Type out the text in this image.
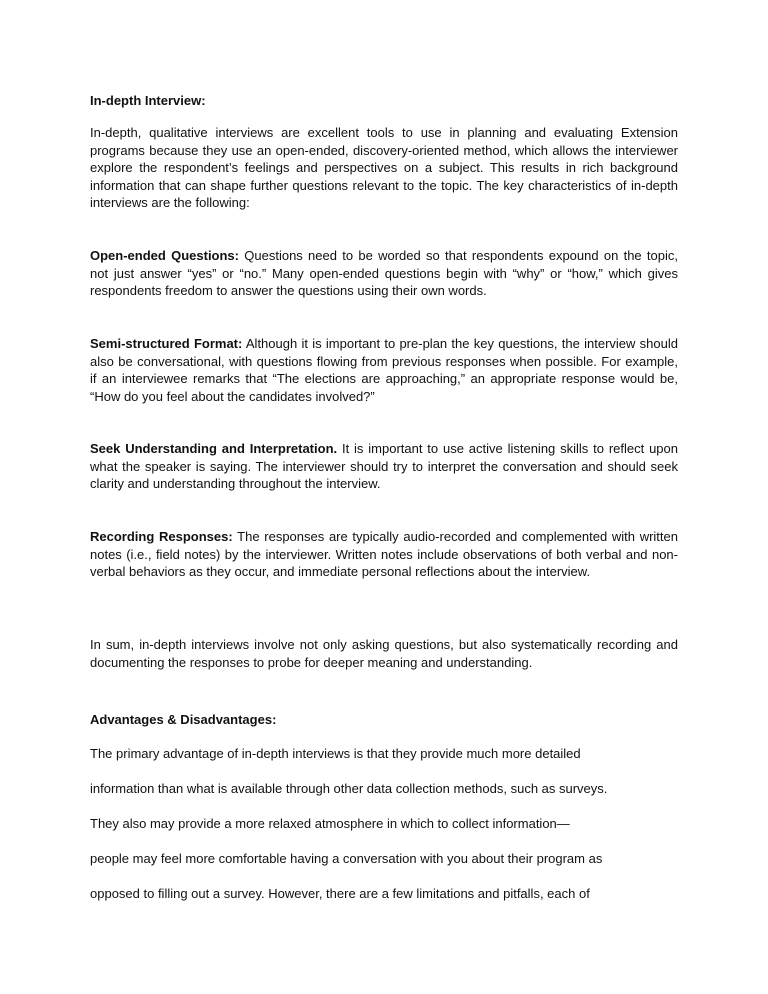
In-depth Interview:

In-depth, qualitative interviews are excellent tools to use in planning and evaluating Extension programs because they use an open-ended, discovery-oriented method, which allows the interviewer explore the respondent’s feelings and perspectives on a subject. This results in rich background information that can shape further questions relevant to the topic. The key characteristics of in-depth interviews are the following:

Open-ended Questions: Questions need to be worded so that respondents expound on the topic, not just answer “yes” or “no.” Many open-ended questions begin with “why” or “how,” which gives respondents freedom to answer the questions using their own words.

Semi-structured Format: Although it is important to pre-plan the key questions, the interview should also be conversational, with questions flowing from previous responses when possible. For example, if an interviewee remarks that “The elections are approaching,” an appropriate response would be, “How do you feel about the candidates involved?”

Seek Understanding and Interpretation. It is important to use active listening skills to reflect upon what the speaker is saying. The interviewer should try to interpret the conversation and should seek clarity and understanding throughout the interview.

Recording Responses: The responses are typically audio-recorded and complemented with written notes (i.e., field notes) by the interviewer. Written notes include observations of both verbal and non-verbal behaviors as they occur, and immediate personal reflections about the interview.

In sum, in-depth interviews involve not only asking questions, but also systematically recording and documenting the responses to probe for deeper meaning and understanding.

Advantages & Disadvantages:
The primary advantage of in-depth interviews is that they provide much more detailed
information than what is available through other data collection methods, such as surveys.
They also may provide a more relaxed atmosphere in which to collect information—
people may feel more comfortable having a conversation with you about their program as
opposed to filling out a survey. However, there are a few limitations and pitfalls, each of
